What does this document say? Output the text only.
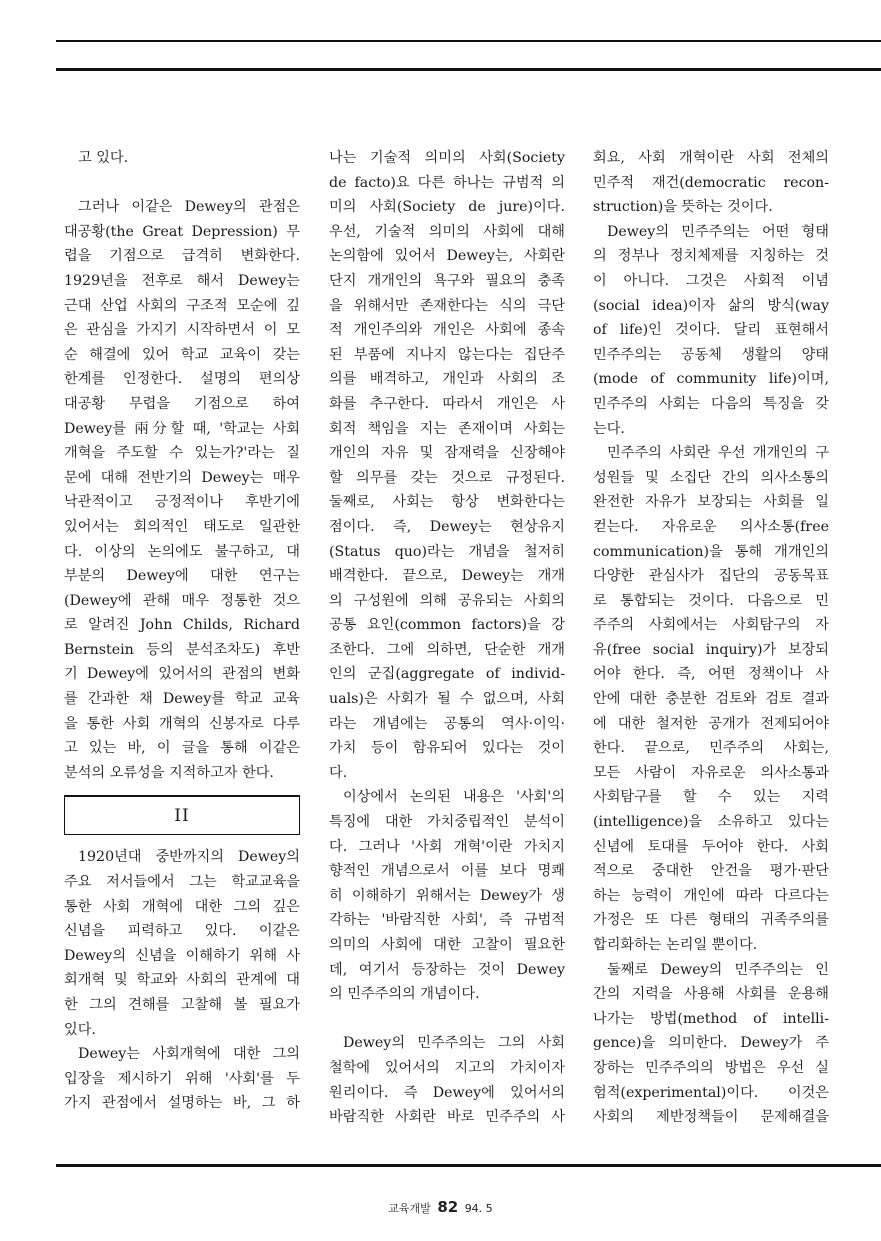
고 있다.
그러나 이같은 Dewey의 관점은
대공황(the Great Depression) 무
렵을 기점으로 급격히 변화한다.
1929년을 전후로 해서 Dewey는
근대 산업 사회의 구조적 모순에 깊
은 관심을 가지기 시작하면서 이 모
순 해결에 있어 학교 교육이 갖는
한계를 인정한다. 설명의 편의상
대공황 무렵을 기점으로 하여
Dewey를 兩分할 때, '학교는 사회
개혁을 주도할 수 있는가?'라는 질
문에 대해 전반기의 Dewey는 매우
낙관적이고 긍정적이나 후반기에
있어서는 회의적인 태도로 일관한
다. 이상의 논의에도 불구하고, 대
부분의 Dewey에 대한 연구는
(Dewey에 관해 매우 정통한 것으
로 알려진 John Childs, Richard
Bernstein 등의 분석조차도) 후반
기 Dewey에 있어서의 관점의 변화
를 간과한 채 Dewey를 학교 교육
을 통한 사회 개혁의 신봉자로 다루
고 있는 바, 이 글을 통해 이같은
분석의 오류성을 지적하고자 한다.
II
1920년대 중반까지의 Dewey의
주요 저서들에서 그는 학교교육을
통한 사회 개혁에 대한 그의 깊은
신념을 피력하고 있다. 이같은
Dewey의 신념을 이해하기 위해 사
회개혁 및 학교와 사회의 관계에 대
한 그의 견해를 고찰해 볼 필요가
있다.
Dewey는 사회개혁에 대한 그의
입장을 제시하기 위해 '사회'를 두
가지 관점에서 설명하는 바, 그 하
나는 기술적 의미의 사회(Society
de facto)요 다른 하나는 규범적 의
미의 사회(Society de jure)이다.
우선, 기술적 의미의 사회에 대해
논의함에 있어서 Dewey는, 사회란
단지 개개인의 욕구와 필요의 충족
을 위해서만 존재한다는 식의 극단
적 개인주의와 개인은 사회에 종속
된 부품에 지나지 않는다는 집단주
의를 배격하고, 개인과 사회의 조
화를 추구한다. 따라서 개인은 사
회적 책임을 지는 존재이며 사회는
개인의 자유 및 잠재력을 신장해야
할 의무를 갖는 것으로 규정된다.
둘째로, 사회는 항상 변화한다는
점이다. 즉, Dewey는 현상유지
(Status quo)라는 개념을 철저히
배격한다. 끝으로, Dewey는 개개
의 구성원에 의해 공유되는 사회의
공통 요인(common factors)을 강
조한다. 그에 의하면, 단순한 개개
인의 군집(aggregate of individ-
uals)은 사회가 될 수 없으며, 사회
라는 개념에는 공통의 역사·이익·
가치 등이 함유되어 있다는 것이
다.
이상에서 논의된 내용은 '사회'의
특징에 대한 가치중립적인 분석이
다. 그러나 '사회 개혁'이란 가치지
향적인 개념으로서 이를 보다 명쾌
히 이해하기 위해서는 Dewey가 생
각하는 '바람직한 사회', 즉 규범적
의미의 사회에 대한 고찰이 필요한
데, 여기서 등장하는 것이 Dewey
의 민주주의의 개념이다.
Dewey의 민주주의는 그의 사회
철학에 있어서의 지고의 가치이자
원리이다. 즉 Dewey에 있어서의
바람직한 사회란 바로 민주주의 사
회요, 사회 개혁이란 사회 전체의
민주적 재건(democratic recon-
struction)을 뜻하는 것이다.
Dewey의 민주주의는 어떤 형태
의 정부나 정치체제를 지칭하는 것
이 아니다. 그것은 사회적 이념
(social idea)이자 삶의 방식(way
of life)인 것이다. 달리 표현해서
민주주의는 공동체 생활의 양태
(mode of community life)이며,
민주주의 사회는 다음의 특징을 갖
는다.
민주주의 사회란 우선 개개인의 구
성원들 및 소집단 간의 의사소통의
완전한 자유가 보장되는 사회를 일
컫는다. 자유로운 의사소통(free
communication)을 통해 개개인의
다양한 관심사가 집단의 공동목표
로 통합되는 것이다. 다음으로 민
주주의 사회에서는 사회탐구의 자
유(free social inquiry)가 보장되
어야 한다. 즉, 어떤 정책이나 사
안에 대한 충분한 검토와 검토 결과
에 대한 철저한 공개가 전제되어야
한다. 끝으로, 민주주의 사회는,
모든 사람이 자유로운 의사소통과
사회탐구를 할 수 있는 지력
(intelligence)을 소유하고 있다는
신념에 토대를 두어야 한다. 사회
적으로 중대한 안건을 평가·판단
하는 능력이 개인에 따라 다르다는
가정은 또 다른 형태의 귀족주의를
합리화하는 논리일 뿐이다.
둘째로 Dewey의 민주주의는 인
간의 지력을 사용해 사회를 운용해
나가는 방법(method of intelli-
gence)을 의미한다. Dewey가 주
장하는 민주주의의 방법은 우선 실
험적(experimental)이다. 이것은
사회의 제반정책들이 문제해결을
교육개발 82 94. 5
